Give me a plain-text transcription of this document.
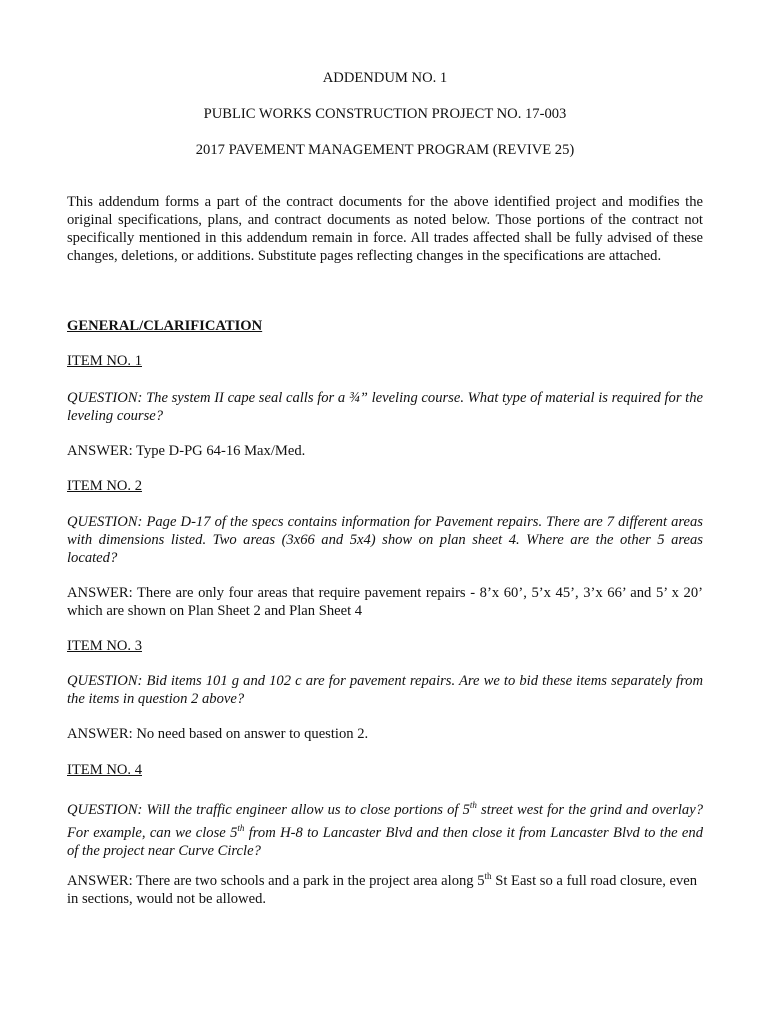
ADDENDUM NO. 1
PUBLIC WORKS CONSTRUCTION PROJECT NO. 17-003
2017 PAVEMENT MANAGEMENT PROGRAM (REVIVE 25)

This addendum forms a part of the contract documents for the above identified project and modifies the original specifications, plans, and contract documents as noted below. Those portions of the contract not specifically mentioned in this addendum remain in force. All trades affected shall be fully advised of these changes, deletions, or additions. Substitute pages reflecting changes in the specifications are attached.

GENERAL/CLARIFICATION

ITEM NO. 1

QUESTION: The system II cape seal calls for a ¾” leveling course. What type of material is required for the leveling course?

ANSWER: Type D-PG 64-16 Max/Med.

ITEM NO. 2

QUESTION: Page D-17 of the specs contains information for Pavement repairs. There are 7 different areas with dimensions listed. Two areas (3x66 and 5x4) show on plan sheet 4. Where are the other 5 areas located?

ANSWER: There are only four areas that require pavement repairs - 8’x 60’, 5’x 45’, 3’x 66’ and 5’ x 20’ which are shown on Plan Sheet 2 and Plan Sheet 4

ITEM NO. 3

QUESTION: Bid items 101 g and 102 c are for pavement repairs. Are we to bid these items separately from the items in question 2 above?

ANSWER: No need based on answer to question 2.

ITEM NO. 4

QUESTION: Will the traffic engineer allow us to close portions of 5th street west for the grind and overlay? For example, can we close 5th from H-8 to Lancaster Blvd and then close it from Lancaster Blvd to the end of the project near Curve Circle?

ANSWER: There are two schools and a park in the project area along 5th St East so a full road closure, even in sections, would not be allowed.
